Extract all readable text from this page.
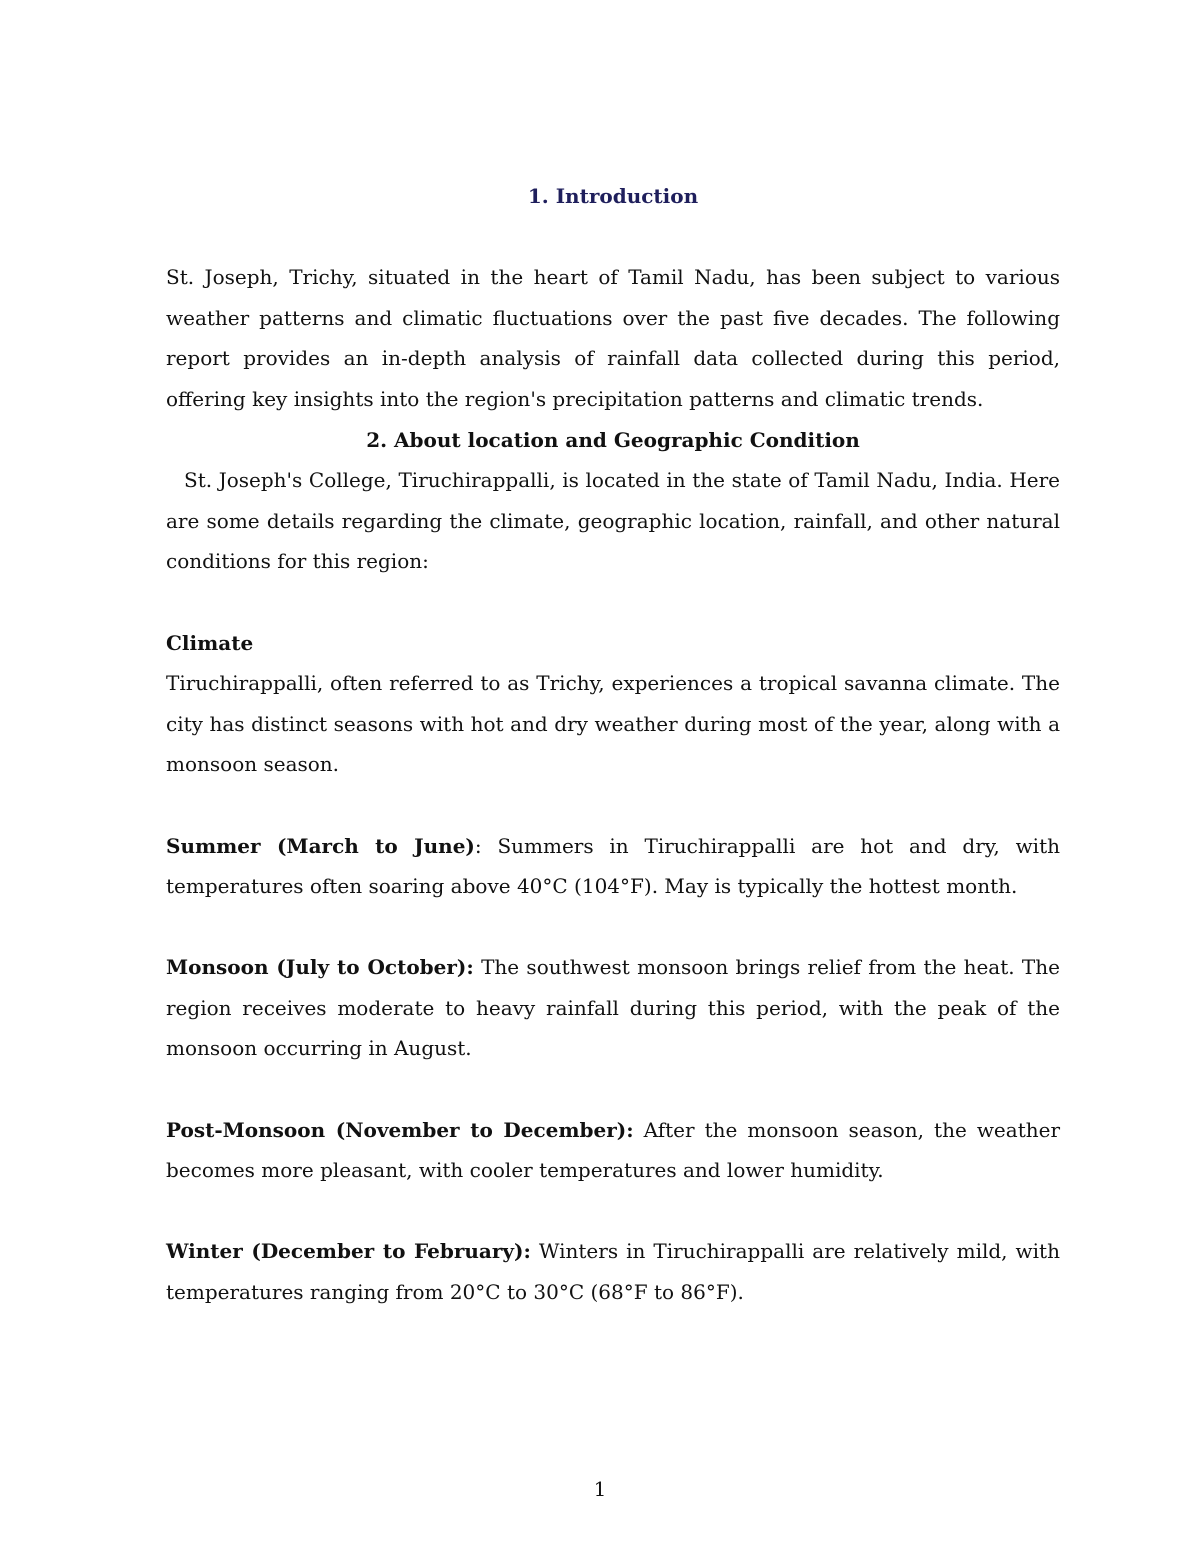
1. Introduction

St. Joseph, Trichy, situated in the heart of Tamil Nadu, has been subject to various weather patterns and climatic fluctuations over the past five decades. The following report provides an in-depth analysis of rainfall data collected during this period, offering key insights into the region's precipitation patterns and climatic trends.

2. About location and Geographic Condition

St. Joseph's College, Tiruchirappalli, is located in the state of Tamil Nadu, India. Here are some details regarding the climate, geographic location, rainfall, and other natural conditions for this region:

Climate

Tiruchirappalli, often referred to as Trichy, experiences a tropical savanna climate. The city has distinct seasons with hot and dry weather during most of the year, along with a monsoon season.

Summer (March to June): Summers in Tiruchirappalli are hot and dry, with temperatures often soaring above 40°C (104°F). May is typically the hottest month.

Monsoon (July to October): The southwest monsoon brings relief from the heat. The region receives moderate to heavy rainfall during this period, with the peak of the monsoon occurring in August.

Post-Monsoon (November to December): After the monsoon season, the weather becomes more pleasant, with cooler temperatures and lower humidity.

Winter (December to February): Winters in Tiruchirappalli are relatively mild, with temperatures ranging from 20°C to 30°C (68°F to 86°F).

1
